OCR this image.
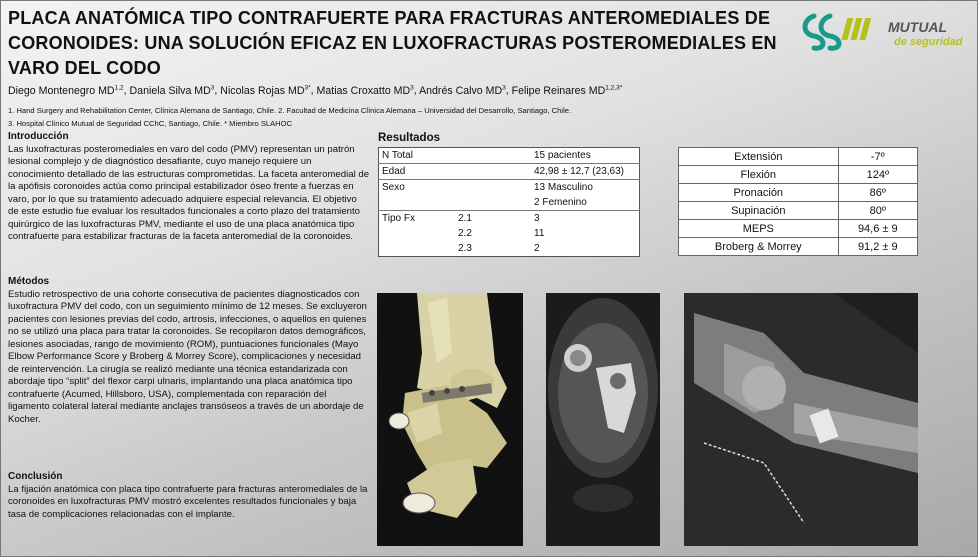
PLACA ANATÓMICA TIPO CONTRAFUERTE PARA FRACTURAS ANTEROMEDIALES DE CORONOIDES: UNA SOLUCIÓN EFICAZ EN LUXOFRACTURAS POSTEROMEDIALES EN VARO DEL CODO
Diego Montenegro MD$^{1,2}$, Daniela Silva $MD^3$, Nicolas Rojas $MD^{3*}$, Matias Croxatto $MD^3$, Andrés Calvo $MD^3$, Felipe Reinares $MD^{1,2,3*}$
1. Hand Surgery and Rehabilitation Center, Clínica Alemana de Santiago, Chile. 2. Facultad de Medicina Clínica Alemana – Universidad del Desarrollo, Santiago, Chile.
3. Hospital Clínico Mutual de Seguridad CChC, Santiago, Chile. * Miembro SLAHOC
MUTUAL
de seguridad
Introducción

Las luxofracturas posteromediales en varo del codo (PMV) representan un patrón lesional complejo y de diagnóstico desafiante, cuyo manejo requiere un conocimiento detallado de las estructuras comprometidas. La faceta anteromedial de la apófisis coronoides actúa como principal estabilizador óseo frente a fuerzas en varo, por lo que su tratamiento adecuado adquiere especial relevancia. El objetivo de este estudio fue evaluar los resultados funcionales a corto plazo del tratamiento quirúrgico de las luxofracturas PMV, mediante el uso de una placa anatómica tipo contrafuerte para estabilizar fracturas de la faceta anteromedial de la coronoides.

Métodos

Estudio retrospectivo de una cohorte consecutiva de pacientes diagnosticados con luxofractura PMV del codo, con un seguimiento mínimo de 12 meses. Se excluyeron pacientes con lesiones previas del codo, artrosis, infecciones, o aquellos en quienes no se utilizó una placa para tratar la coronoides. Se recopilaron datos demográficos, lesiones asociadas, rango de movimiento (ROM), puntuaciones funcionales (Mayo Elbow Performance Score y Broberg & Morrey Score), complicaciones y necesidad de reintervención. La cirugía se realizó mediante una técnica estandarizada con abordaje tipo “split” del flexor carpi ulnaris, implantando una placa anatómica tipo contrafuerte (Acumed, Hillsboro, USA), complementada con reparación del ligamento colateral lateral mediante anclajes transóseos a través de un abordaje de Kocher.

Conclusión

La fijación anatómica con placa tipo contrafuerte para fracturas anteromediales de la coronoides en luxofracturas PMV mostró excelentes resultados funcionales y baja tasa de complicaciones relacionadas con el implante.

Resultados
N Total		15 pacientes
Edad		42,98 ± 12,7 (23,63)
Sexo		13 Masculino
		2 Femenino
Tipo Fx	2.1	3
	2.2	11
	2.3	2
Extensión	-7º
Flexión	124º
Pronación	86º
Supinación	80º
MEPS	94,6 ± 9
Broberg & Morrey	91,2 ± 9
